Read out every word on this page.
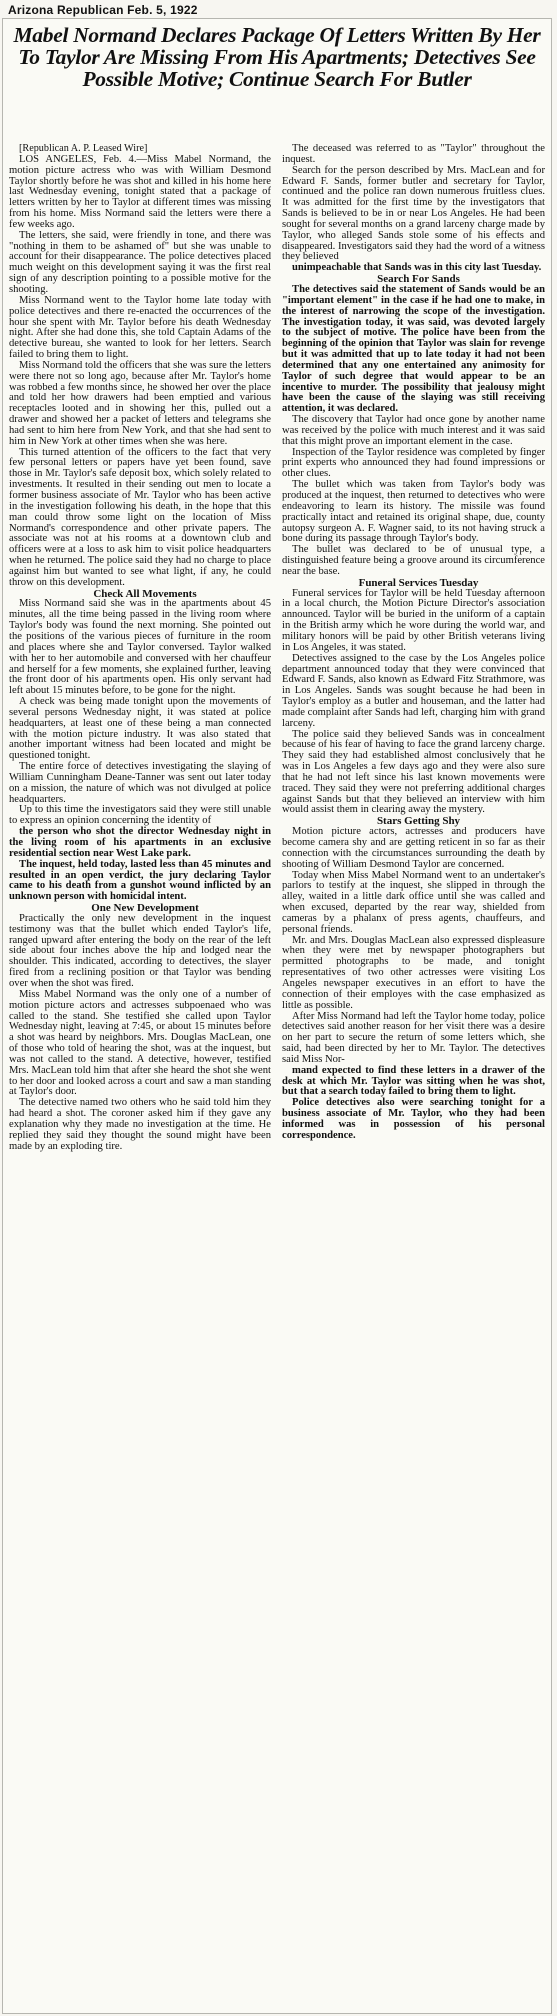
Arizona Republican Feb. 5, 1922
Mabel Normand Declares Package Of Letters Written By Her To Taylor Are Missing From His Apartments; Detectives See Possible Motive; Continue Search For Butler

[Republican A. P. Leased Wire]

LOS ANGELES, Feb. 4.—Miss Mabel Normand, the motion picture actress who was with William Desmond Taylor shortly before he was shot and killed in his home here last Wednesday evening, tonight stated that a package of letters written by her to Taylor at different times was missing from his home. Miss Normand said the letters were there a few weeks ago.

The letters, she said, were friendly in tone, and there was "nothing in them to be ashamed of" but she was unable to account for their disappearance. The police detectives placed much weight on this development saying it was the first real sign of any description pointing to a possible motive for the shooting.

Miss Normand went to the Taylor home late today with police detectives and there re-enacted the occurrences of the hour she spent with Mr. Taylor before his death Wednesday night. After she had done this, she told Captain Adams of the detective bureau, she wanted to look for her letters. Search failed to bring them to light.

Miss Normand told the officers that she was sure the letters were there not so long ago, because after Mr. Taylor's home was robbed a few months since, he showed her over the place and told her how drawers had been emptied and various receptacles looted and in showing her this, pulled out a drawer and showed her a packet of letters and telegrams she had sent to him here from New York, and that she had sent to him in New York at other times when she was here.

This turned attention of the officers to the fact that very few personal letters or papers have yet been found, save those in Mr. Taylor's safe deposit box, which solely related to investments. It resulted in their sending out men to locate a former business associate of Mr. Taylor who has been active in the investigation following his death, in the hope that this man could throw some light on the location of Miss Normand's correspondence and other private papers. The associate was not at his rooms at a downtown club and officers were at a loss to ask him to visit police headquarters when he returned. The police said they had no charge to place against him but wanted to see what light, if any, he could throw on this development.

Check All Movements

Miss Normand said she was in the apartments about 45 minutes, all the time being passed in the living room where Taylor's body was found the next morning. She pointed out the positions of the various pieces of furniture in the room and places where she and Taylor conversed. Taylor walked with her to her automobile and conversed with her chauffeur and herself for a few moments, she explained further, leaving the front door of his apartments open. His only servant had left about 15 minutes before, to be gone for the night.

A check was being made tonight upon the movements of several persons Wednesday night, it was stated at police headquarters, at least one of these being a man connected with the motion picture industry. It was also stated that another important witness had been located and might be questioned tonight.

The entire force of detectives investigating the slaying of William Cunningham Deane-Tanner was sent out later today on a mission, the nature of which was not divulged at police headquarters.

Up to this time the investigators said they were still unable to express an opinion concerning the identity of

the person who shot the director Wednesday night in the living room of his apartments in an exclusive residential section near West Lake park.

The inquest, held today, lasted less than 45 minutes and resulted in an open verdict, the jury declaring Taylor came to his death from a gunshot wound inflicted by an unknown person with homicidal intent.

One New Development

Practically the only new development in the inquest testimony was that the bullet which ended Taylor's life, ranged upward after entering the body on the rear of the left side about four inches above the hip and lodged near the shoulder. This indicated, according to detectives, the slayer fired from a reclining position or that Taylor was bending over when the shot was fired.

Miss Mabel Normand was the only one of a number of motion picture actors and actresses subpoenaed who was called to the stand. She testified she called upon Taylor Wednesday night, leaving at 7:45, or about 15 minutes before a shot was heard by neighbors. Mrs. Douglas MacLean, one of those who told of hearing the shot, was at the inquest, but was not called to the stand. A detective, however, testified Mrs. MacLean told him that after she heard the shot she went to her door and looked across a court and saw a man standing at Taylor's door.

The detective named two others who he said told him they had heard a shot. The coroner asked him if they gave any explanation why they made no investigation at the time. He replied they said they thought the sound might have been made by an exploding tire.

The deceased was referred to as "Taylor" throughout the inquest.

Search for the person described by Mrs. MacLean and for Edward F. Sands, former butler and secretary for Taylor, continued and the police ran down numerous fruitless clues. It was admitted for the first time by the investigators that Sands is believed to be in or near Los Angeles. He had been sought for several months on a grand larceny charge made by Taylor, who alleged Sands stole some of his effects and disappeared. Investigators said they had the word of a witness they believed

unimpeachable that Sands was in this city last Tuesday.

Search For Sands

The detectives said the statement of Sands would be an "important element" in the case if he had one to make, in the interest of narrowing the scope of the investigation. The investigation today, it was said, was devoted largely to the subject of motive. The police have been from the beginning of the opinion that Taylor was slain for revenge but it was admitted that up to late today it had not been determined that any one entertained any animosity for Taylor of such degree that would appear to be an incentive to murder. The possibility that jealousy might have been the cause of the slaying was still receiving attention, it was declared.

The discovery that Taylor had once gone by another name was received by the police with much interest and it was said that this might prove an important element in the case.

Inspection of the Taylor residence was completed by finger print experts who announced they had found impressions or other clues.

The bullet which was taken from Taylor's body was produced at the inquest, then returned to detectives who were endeavoring to learn its history. The missile was found practically intact and retained its original shape, due, county autopsy surgeon A. F. Wagner said, to its not having struck a bone during its passage through Taylor's body.

The bullet was declared to be of unusual type, a distinguished feature being a groove around its circumference near the base.

Funeral Services Tuesday

Funeral services for Taylor will be held Tuesday afternoon in a local church, the Motion Picture Director's association announced. Taylor will be buried in the uniform of a captain in the British army which he wore during the world war, and military honors will be paid by other British veterans living in Los Angeles, it was stated.

Detectives assigned to the case by the Los Angeles police department announced today that they were convinced that Edward F. Sands, also known as Edward Fitz Strathmore, was in Los Angeles. Sands was sought because he had been in Taylor's employ as a butler and houseman, and the latter had made complaint after Sands had left, charging him with grand larceny.

The police said they believed Sands was in concealment because of his fear of having to face the grand larceny charge. They said they had established almost conclusively that he was in Los Angeles a few days ago and they were also sure that he had not left since his last known movements were traced. They said they were not preferring additional charges against Sands but that they believed an interview with him would assist them in clearing away the mystery.

Stars Getting Shy

Motion picture actors, actresses and producers have become camera shy and are getting reticent in so far as their connection with the circumstances surrounding the death by shooting of William Desmond Taylor are concerned.

Today when Miss Mabel Normand went to an undertaker's parlors to testify at the inquest, she slipped in through the alley, waited in a little dark office until she was called and when excused, departed by the rear way, shielded from cameras by a phalanx of press agents, chauffeurs, and personal friends.

Mr. and Mrs. Douglas MacLean also expressed displeasure when they were met by newspaper photographers but permitted photographs to be made, and tonight representatives of two other actresses were visiting Los Angeles newspaper executives in an effort to have the connection of their employes with the case emphasized as little as possible.

After Miss Normand had left the Taylor home today, police detectives said another reason for her visit there was a desire on her part to secure the return of some letters which, she said, had been directed by her to Mr. Taylor. The detectives said Miss Nor-

mand expected to find these letters in a drawer of the desk at which Mr. Taylor was sitting when he was shot, but that a search today failed to bring them to light.

Police detectives also were searching tonight for a business associate of Mr. Taylor, who they had been informed was in possession of his personal correspondence.
